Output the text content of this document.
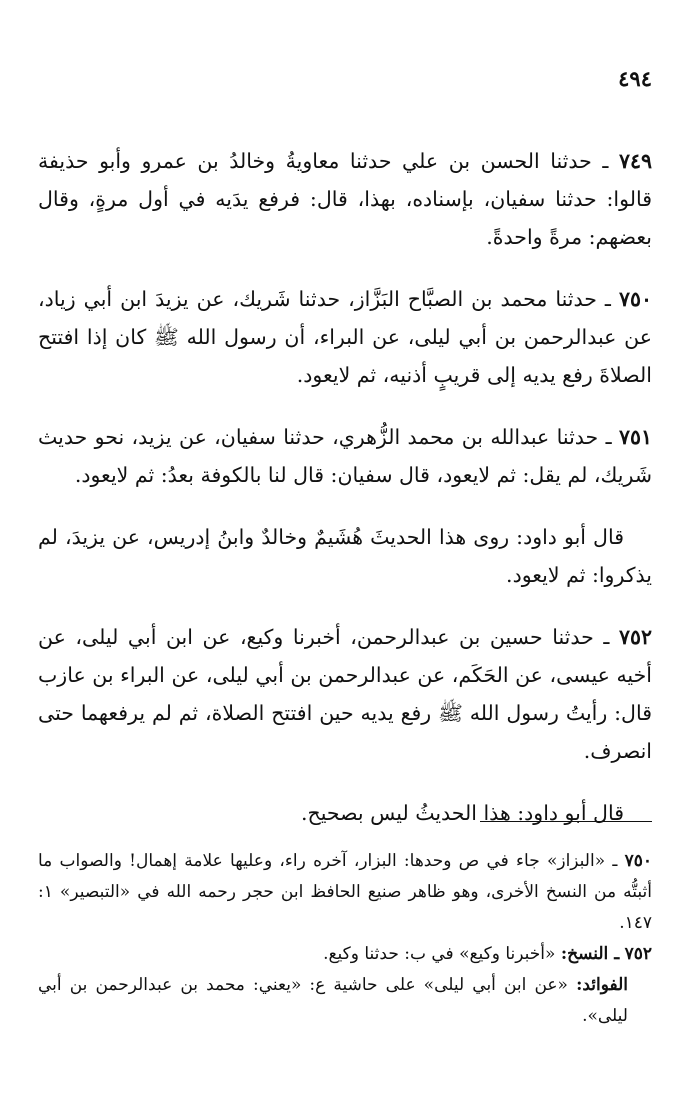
٤٩٤

٧٤٩ ـ حدثنا الحسن بن علي حدثنا معاويةُ وخالدُ بن عمرو وأبو حذيفة قالوا: حدثنا سفيان، بإسناده، بهذا، قال: فرفع يدَيه في أول مرةٍ، وقال بعضهم: مرةً واحدةً.

٧٥٠ ـ حدثنا محمد بن الصبَّاح البَزَّاز، حدثنا شَريك، عن يزيدَ ابن أبي زياد، عن عبدالرحمن بن أبي ليلى، عن البراء، أن رسول الله ﷺ كان إذا افتتح الصلاةَ رفع يديه إلى قريبٍ أذنيه، ثم لايعود.

٧٥١ ـ حدثنا عبدالله بن محمد الزُّهري، حدثنا سفيان، عن يزيد، نحو حديث شَريك، لم يقل: ثم لايعود، قال سفيان: قال لنا بالكوفة بعدُ: ثم لايعود.

قال أبو داود: روى هذا الحديثَ هُشَيمٌ وخالدٌ وابنُ إدريس، عن يزيدَ، لم يذكروا: ثم لايعود.

٧٥٢ ـ حدثنا حسين بن عبدالرحمن، أخبرنا وكيع، عن ابن أبي ليلى، عن أخيه عيسى، عن الحَكَم، عن عبدالرحمن بن أبي ليلى، عن البراء بن عازب قال: رأيتُ رسول الله ﷺ رفع يديه حين افتتح الصلاة، ثم لم يرفعهما حتى انصرف.

قال أبو داود: هذا الحديثُ ليس بصحيح.

٧٥٠ ـ «البزاز» جاء في ص وحدها: البزار، آخره راء، وعليها علامة إهمال! والصواب ما أثبتُّه من النسخ الأخرى، وهو ظاهر صنيع الحافظ ابن حجر رحمه الله في «التبصير» ١: ١٤٧.

٧٥٢ ـ النسخ: «أخبرنا وكيع» في ب: حدثنا وكيع.

الفوائد: «عن ابن أبي ليلى» على حاشية ع: «يعني: محمد بن عبدالرحمن بن أبي ليلى».
